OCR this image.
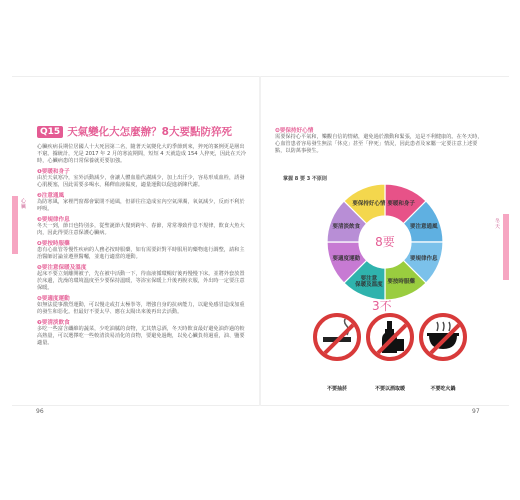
心臟
冬天
Q15 天氣變化大怎麼辦？8大要點防猝死

心臟疾病長期位居國人十大死因第二名，隨著天氣變化大的季節到來，猝死的案例更是層出不窮。據統計，光是 2017 年 2 月的寒流期間，短短 4 天就造成 154 人猝死，因此在天冷時，心臟病患的日常保養就更要加強。

❶要暖和身子

由於天氣寒冷，室外活動減少，會讓人體血脂代謝減少，加上出汗少，容易形成血栓，誘發心肌梗塞，因此需要多喝水，稀釋血液黏度，適量運動以促進新陳代謝。

❷注意通風

為防寒風，家裡門窗都會緊閉不通風，但卻往往造成室內空氣渾濁，氧氣減少，反而不利於呼吸。

❸要規律作息

冬天一到，節日也特別多，從聖誕節大餐到跨年、春節，常常導致作息不規律，飲食大魚大肉，因此得要注意保護心臟病。

❹要按時服藥

患有心血管等慢性疾病的人務必按時服藥，如有需要針對平時服用的藥物進行調整，請和主治醫師討論並遵照醫囑，並進行適當的運動。

❺要注意保暖及溫度

起床不要立刻離開被子，先在被中活動一下，待血液循環暢好後再慢慢下床。並將外套放置於床邊，洗澡的環境溫度至少要保持溫暖，等浴室保暖上升後再脫衣服，外出時一定要注意保暖。

❻要適度運動

如無法從事激烈運動，可以慢走或打太極拳等，增強自身的抗病能力，以避免感冒造成加重的發生和惡化。但最好不要太早、應在太陽出來後再出去活動。

❼要清淡飲食

多吃一些富含纖維的蔬菜，少吃油膩的食物，尤其禁忌酒，冬天時飲食最好避免油炸過的較高熱量，可以選擇吃一些較清淡易消化的食物，要避免過飽，以免心臟負荷過重，油、鹽要適量。

96

❽要保持好心情

需要保持心平氣和，樂觀自信的情緒，避免過於激動和緊張，這是不利健康的。在冬天時，心血管患者容易發生無法「休克」甚至「猝死」情況，因此患者及家屬一定要注意上述要點，以防萬事發生。

掌握 8 要 3 不原則
要暖和身子
要注意通風
要規律作息
要按時服藥
要注意保暖及溫度
要適度運動
要清淡飲食
要保持好心情
8要
3不
不要抽菸	不要以酒取暖	不要吃火鍋
97
